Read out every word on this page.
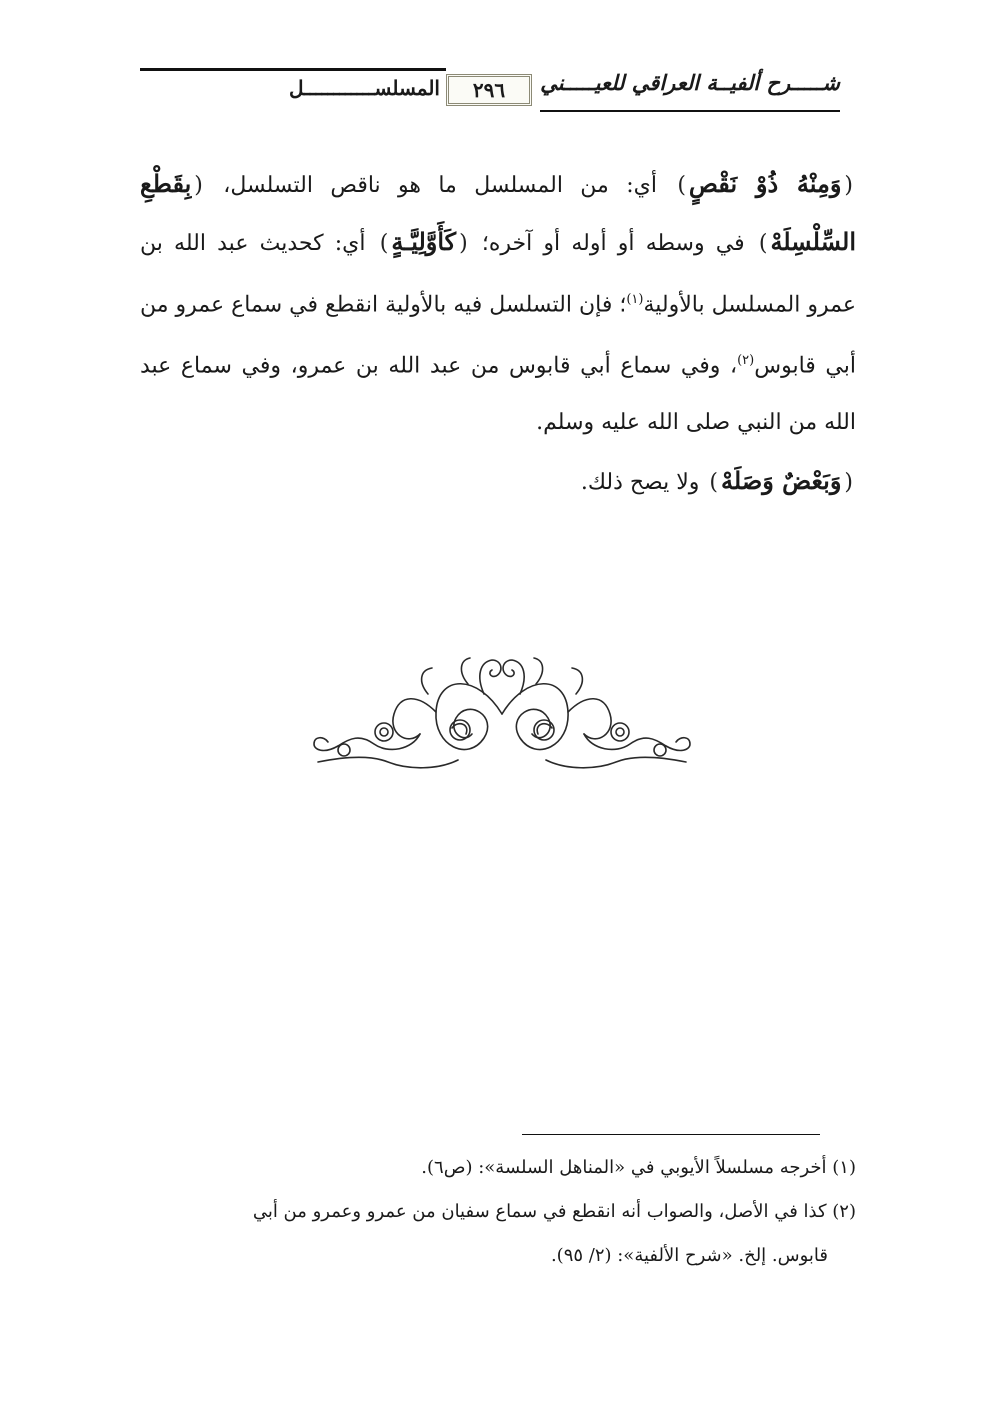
المسلسـ‍ـــــــــــل	٢٩٦	شـــــرح ألفيــة العراقي للعيـــــني

(وَمِنْهُ ذُوْ نَقْصٍ) أي: من المسلسل ما هو ناقص التسلسل، (بِقَطْعِ السِّلْسِلَهْ) في وسطه أو أوله أو آخره؛ (كَأَوَّلِيَّـةٍ) أي: كحديث عبد الله بن عمرو المسلسل بالأولية$^{(١)}$؛ فإن التسلسل فيه بالأولية انقطع في سماع عمرو من أبي قابوس$^{(٢)}$، وفي سماع أبي قابوس من عبد الله بن عمرو، وفي سماع عبد الله من النبي صلى الله عليه وسلم.

(وَبَعْضٌ وَصَلَهْ) ولا يصح ذلك.

(١) أخرجه مسلسلاً الأيوبي في «المناهل السلسة»: (ص٦).

(٢) كذا في الأصل، والصواب أنه انقطع في سماع سفيان من عمرو وعمرو من أبي

قابوس. إلخ. «شرح الألفية»: (٢/ ٩٥).
